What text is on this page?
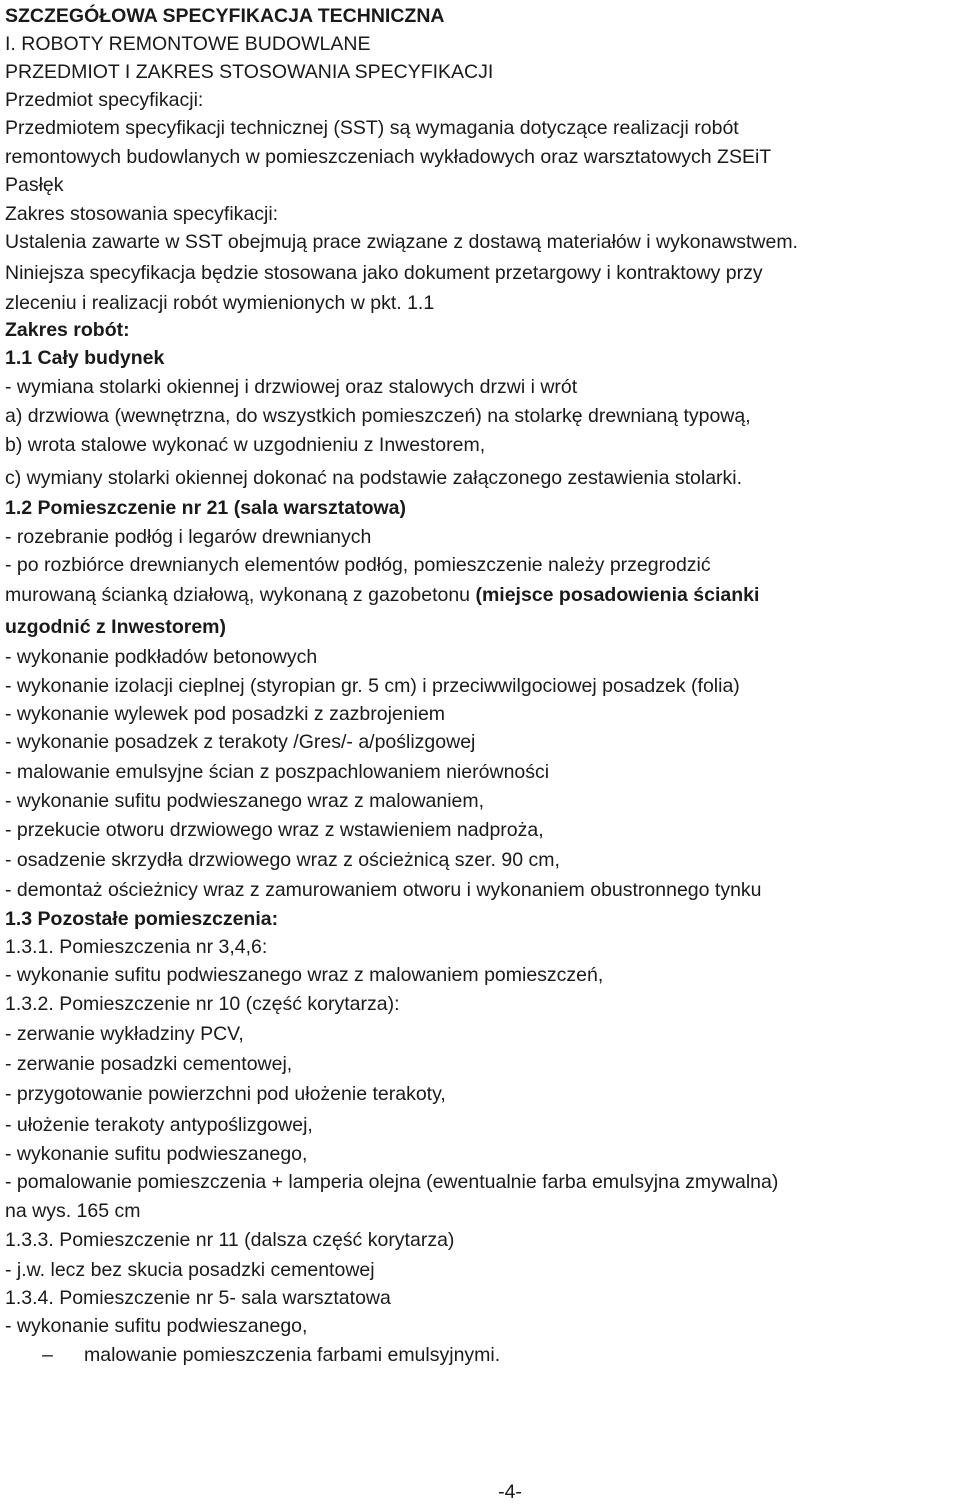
SZCZEGÓŁOWA SPECYFIKACJA TECHNICZNA
I. ROBOTY REMONTOWE BUDOWLANE
PRZEDMIOT I ZAKRES STOSOWANIA SPECYFIKACJI
Przedmiot specyfikacji:
Przedmiotem specyfikacji technicznej (SST) są wymagania dotyczące realizacji robót
remontowych budowlanych w pomieszczeniach wykładowych oraz warsztatowych ZSEiT
Pasłęk
Zakres stosowania specyfikacji:
Ustalenia zawarte w SST obejmują prace związane z dostawą materiałów i wykonawstwem.
Niniejsza specyfikacja będzie stosowana jako dokument przetargowy i kontraktowy przy
zleceniu i realizacji robót wymienionych w pkt. 1.1
Zakres robót:
1.1 Cały budynek
- wymiana stolarki okiennej i drzwiowej oraz stalowych drzwi i wrót
a) drzwiowa (wewnętrzna, do wszystkich pomieszczeń) na stolarkę drewnianą typową,
b) wrota stalowe wykonać w uzgodnieniu z Inwestorem,
c) wymiany stolarki okiennej dokonać na podstawie załączonego zestawienia stolarki.
1.2 Pomieszczenie nr 21 (sala warsztatowa)
- rozebranie podłóg i legarów drewnianych
- po rozbiórce drewnianych elementów podłóg, pomieszczenie należy przegrodzić
murowaną ścianką działową, wykonaną z gazobetonu (miejsce posadowienia ścianki
uzgodnić z Inwestorem)
- wykonanie podkładów betonowych
- wykonanie izolacji cieplnej (styropian gr. 5 cm) i przeciwwilgociowej posadzek (folia)
- wykonanie wylewek pod posadzki z zazbrojeniem
- wykonanie posadzek z terakoty /Gres/- a/poślizgowej
- malowanie emulsyjne ścian z poszpachlowaniem nierówności
- wykonanie sufitu podwieszanego wraz z malowaniem,
- przekucie otworu drzwiowego wraz z wstawieniem nadproża,
- osadzenie skrzydła drzwiowego wraz z ościeżnicą szer. 90 cm,
- demontaż ościeżnicy wraz z zamurowaniem otworu i wykonaniem obustronnego tynku
1.3 Pozostałe pomieszczenia:
1.3.1. Pomieszczenia nr 3,4,6:
- wykonanie sufitu podwieszanego wraz z malowaniem pomieszczeń,
1.3.2. Pomieszczenie nr 10 (część korytarza):
- zerwanie wykładziny PCV,
- zerwanie posadzki cementowej,
- przygotowanie powierzchni pod ułożenie terakoty,
- ułożenie terakoty antypoślizgowej,
- wykonanie sufitu podwieszanego,
- pomalowanie pomieszczenia + lamperia olejna (ewentualnie farba emulsyjna zmywalna)
na wys. 165 cm
1.3.3. Pomieszczenie nr 11 (dalsza część korytarza)
- j.w. lecz bez skucia posadzki cementowej
1.3.4. Pomieszczenie nr 5- sala warsztatowa
- wykonanie sufitu podwieszanego,
– malowanie pomieszczenia farbami emulsyjnymi.
-4-
